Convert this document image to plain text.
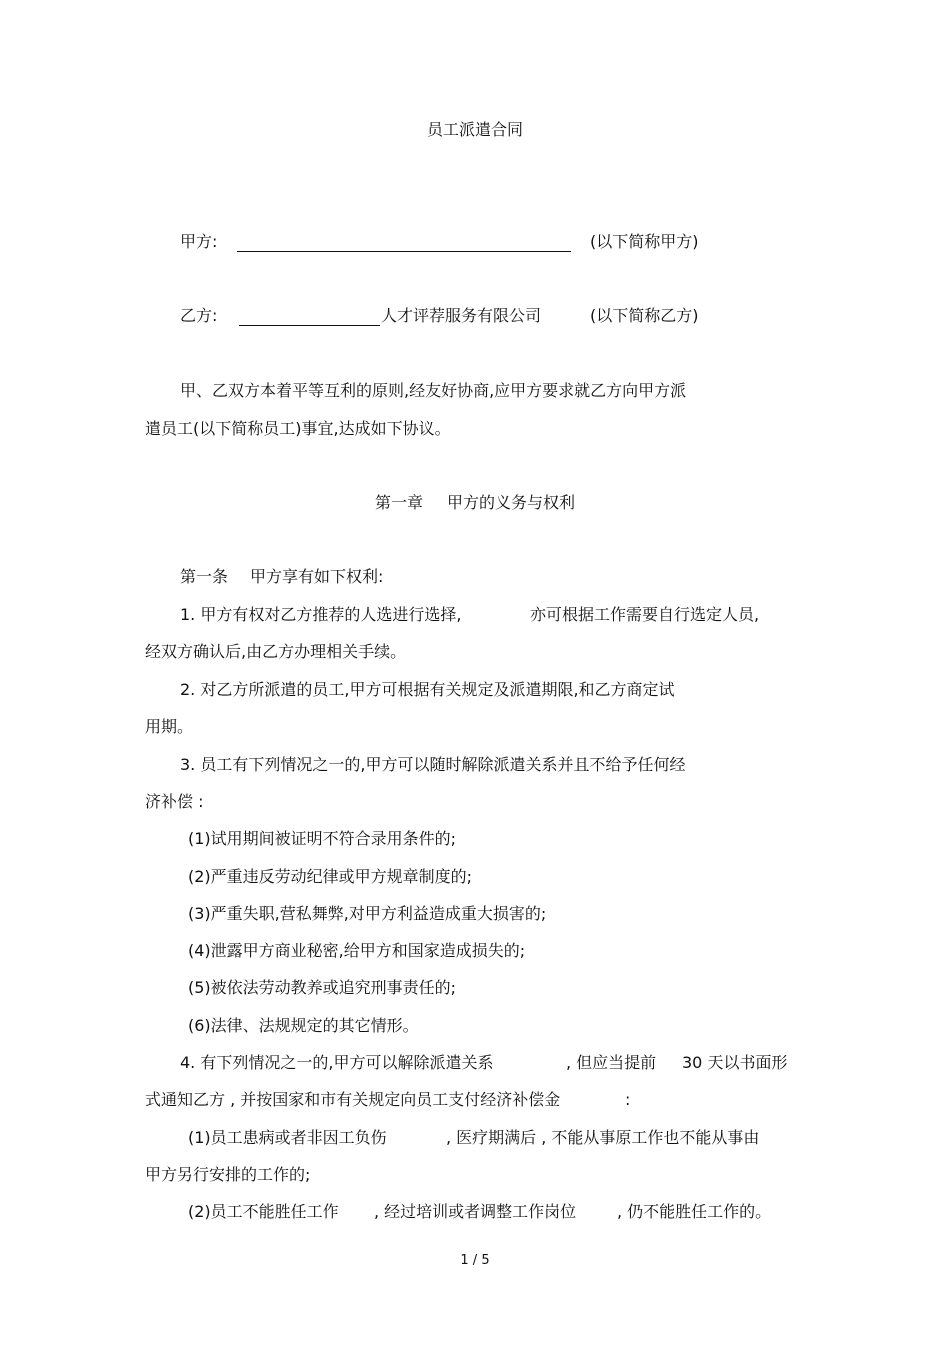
员工派遣合同
甲方:	(以下简称甲方)
乙方:	人才评荐服务有限公司	(以下简称乙方)
甲、乙双方本着平等互利的原则,经友好协商,应甲方要求就乙方向甲方派
遣员工(以下简称员工)事宜,达成如下协议。
第一章 甲方的义务与权利
第一条 甲方享有如下权利:
1. 甲方有权对乙方推荐的人选进行选择,	亦可根据工作需要自行选定人员,
经双方确认后,由乙方办理相关手续。
2. 对乙方所派遣的员工,甲方可根据有关规定及派遣期限,和乙方商定试
用期。
3. 员工有下列情况之一的,甲方可以随时解除派遣关系并且不给予任何经
济补偿 :
(1)试用期间被证明不符合录用条件的;
(2)严重违反劳动纪律或甲方规章制度的;
(3)严重失职,营私舞弊,对甲方利益造成重大损害的;
(4)泄露甲方商业秘密,给甲方和国家造成损失的;
(5)被依法劳动教养或追究刑事责任的;
(6)法律、法规规定的其它情形。
4. 有下列情况之一的,甲方可以解除派遣关系	, 但应当提前 30 天以书面形
式通知乙方 , 并按国家和市有关规定向员工支付经济补偿金	:
(1)员工患病或者非因工负伤	, 医疗期满后 , 不能从事原工作也不能从事由
甲方另行安排的工作的;
(2)员工不能胜任工作 , 经过培训或者调整工作岗位	, 仍不能胜任工作的。
1 / 5
